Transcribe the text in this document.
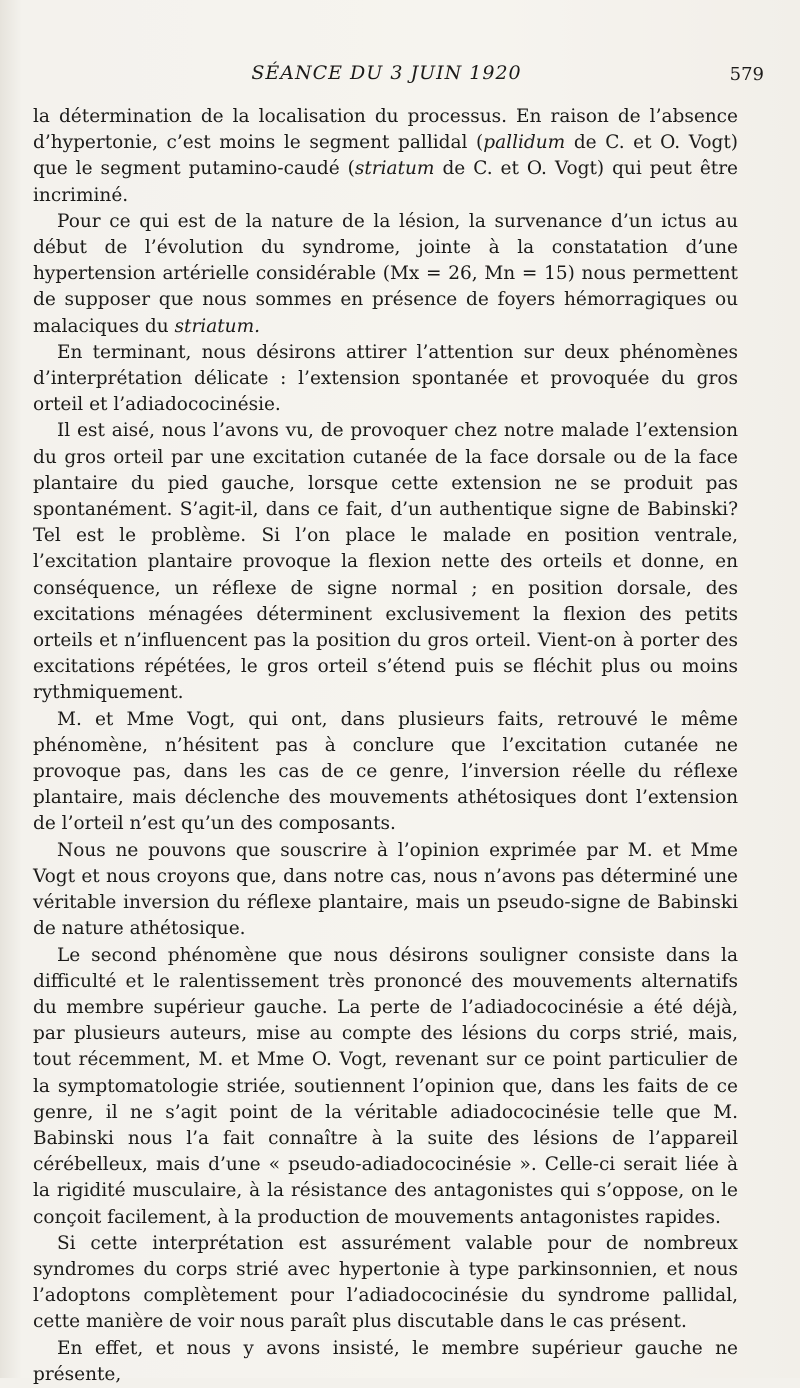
SÉANCE DU 3 JUIN 1920	579

la détermination de la localisation du processus. En raison de l’absence d’hypertonie, c’est moins le segment pallidal (pallidum de C. et O. Vogt) que le segment putamino-caudé (striatum de C. et O. Vogt) qui peut être incriminé.

Pour ce qui est de la nature de la lésion, la survenance d’un ictus au début de l’évolution du syndrome, jointe à la constatation d’une hypertension artérielle considérable (Mx = 26, Mn = 15) nous permettent de supposer que nous sommes en présence de foyers hémorragiques ou malaciques du striatum.

En terminant, nous désirons attirer l’attention sur deux phénomènes d’interprétation délicate : l’extension spontanée et provoquée du gros orteil et l’adiadococinésie.

Il est aisé, nous l’avons vu, de provoquer chez notre malade l’extension du gros orteil par une excitation cutanée de la face dorsale ou de la face plantaire du pied gauche, lorsque cette extension ne se produit pas spontanément. S’agit-il, dans ce fait, d’un authentique signe de Babinski? Tel est le problème. Si l’on place le malade en position ventrale, l’excitation plantaire provoque la flexion nette des orteils et donne, en conséquence, un réflexe de signe normal ; en position dorsale, des excitations ménagées déterminent exclusivement la flexion des petits orteils et n’influencent pas la position du gros orteil. Vient-on à porter des excitations répétées, le gros orteil s’étend puis se fléchit plus ou moins rythmiquement.

M. et Mme Vogt, qui ont, dans plusieurs faits, retrouvé le même phénomène, n’hésitent pas à conclure que l’excitation cutanée ne provoque pas, dans les cas de ce genre, l’inversion réelle du réflexe plantaire, mais déclenche des mouvements athétosiques dont l’extension de l’orteil n’est qu’un des composants.

Nous ne pouvons que souscrire à l’opinion exprimée par M. et Mme Vogt et nous croyons que, dans notre cas, nous n’avons pas déterminé une véritable inversion du réflexe plantaire, mais un pseudo-signe de Babinski de nature athétosique.

Le second phénomène que nous désirons souligner consiste dans la difficulté et le ralentissement très prononcé des mouvements alternatifs du membre supérieur gauche. La perte de l’adiadococinésie a été déjà, par plusieurs auteurs, mise au compte des lésions du corps strié, mais, tout récemment, M. et Mme O. Vogt, revenant sur ce point particulier de la symptomatologie striée, soutiennent l’opinion que, dans les faits de ce genre, il ne s’agit point de la véritable adiadococinésie telle que M. Babinski nous l’a fait connaître à la suite des lésions de l’appareil cérébelleux, mais d’une « pseudo-adiadococinésie ». Celle-ci serait liée à la rigidité musculaire, à la résistance des antagonistes qui s’oppose, on le conçoit facilement, à la production de mouvements antagonistes rapides.

Si cette interprétation est assurément valable pour de nombreux syndromes du corps strié avec hypertonie à type parkinsonnien, et nous l’adoptons complètement pour l’adiadococinésie du syndrome pallidal, cette manière de voir nous paraît plus discutable dans le cas présent.

En effet, et nous y avons insisté, le membre supérieur gauche ne présente,
